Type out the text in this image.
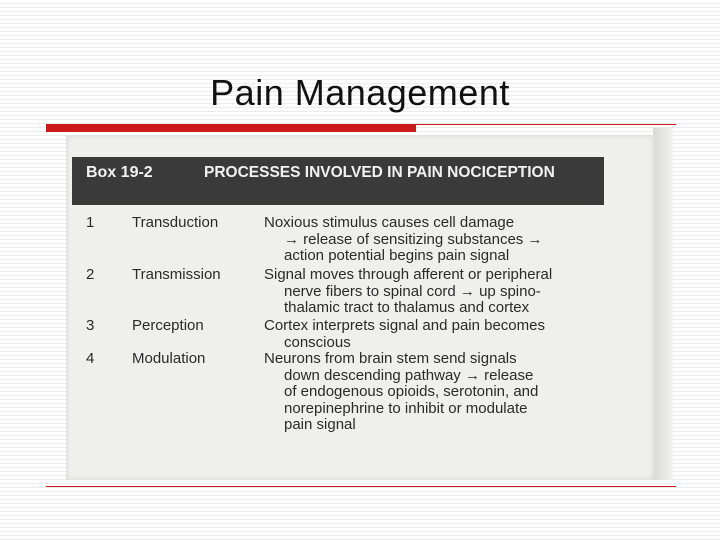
Pain Management
Box 19-2	PROCESSES INVOLVED IN PAIN NOCICEPTION
1	Transduction	Noxious stimulus causes cell damage
→ release of sensitizing substances →
action potential begins pain signal
2	Transmission	Signal moves through afferent or peripheral
nerve fibers to spinal cord → up spino-
thalamic tract to thalamus and cortex
3	Perception	Cortex interprets signal and pain becomes
conscious
4	Modulation	Neurons from brain stem send signals
down descending pathway → release
of endogenous opioids, serotonin, and
norepinephrine to inhibit or modulate
pain signal
